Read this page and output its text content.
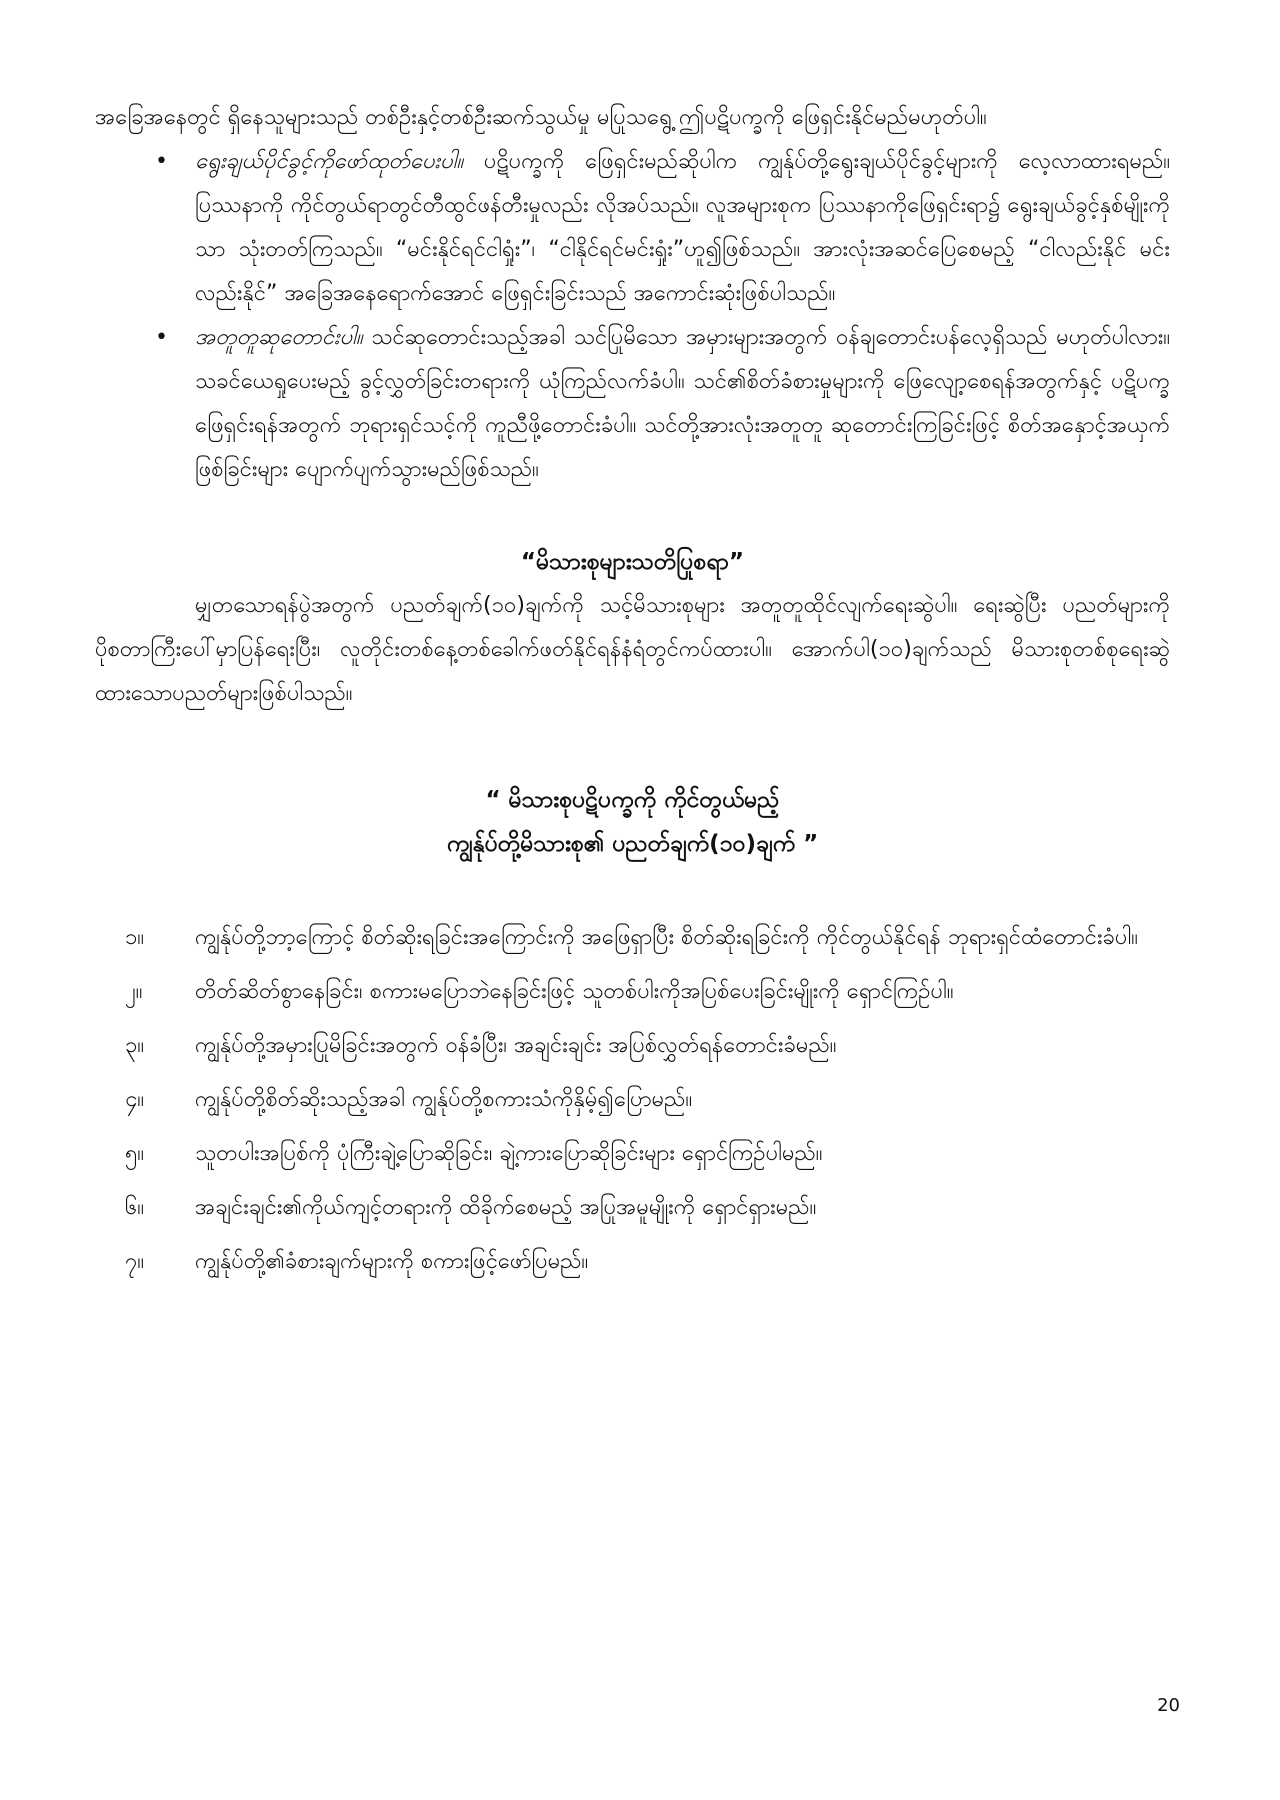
အခြေအနေတွင် ရှိနေသူများသည် တစ်ဦးနှင့်တစ်ဦးဆက်သွယ်မှု မပြုသရွေ့ ဤပဋိပက္ခကို ဖြေရှင်းနိုင်မည်မဟုတ်ပါ။

• ရွေးချယ်ပိုင်ခွင့်ကိုဖော်ထုတ်ပေးပါ။ ပဋိပက္ခကို ဖြေရှင်းမည်ဆိုပါက ကျွန်ုပ်တို့ရွေးချယ်ပိုင်ခွင့်များကို လေ့လာထားရမည်။ ပြဿနာကို ကိုင်တွယ်ရာတွင်တီထွင်ဖန်တီးမှုလည်း လိုအပ်သည်။ လူအများစုက ပြဿနာကိုဖြေရှင်းရာ၌ ရွေးချယ်ခွင့်နှစ်မျိုးကိုသာ သုံးတတ်ကြသည်။ “မင်းနိုင်ရင်ငါရှုံး”၊ “ငါနိုင်ရင်မင်းရှုံး”ဟူ၍ဖြစ်သည်။ အားလုံးအဆင်ပြေစေမည့် “ငါလည်းနိုင် မင်းလည်းနိုင်” အခြေအနေရောက်အောင် ဖြေရှင်းခြင်းသည် အကောင်းဆုံးဖြစ်ပါသည်။
• အတူတူဆုတောင်းပါ။ သင်ဆုတောင်းသည့်အခါ သင်ပြုမိသော အမှားများအတွက် ဝန်ချတောင်းပန်လေ့ရှိသည် မဟုတ်ပါလား။ သခင်ယေရှုပေးမည့် ခွင့်လွှတ်ခြင်းတရားကို ယုံကြည်လက်ခံပါ။ သင်၏စိတ်ခံစားမှုများကို ဖြေလျော့စေရန်အတွက်နှင့် ပဋိပက္ခဖြေရှင်းရန်အတွက် ဘုရားရှင်သင့်ကို ကူညီဖို့တောင်းခံပါ။ သင်တို့အားလုံးအတူတူ ဆုတောင်းကြခြင်းဖြင့် စိတ်အနှောင့်အယှက်ဖြစ်ခြင်းများ ပျောက်ပျက်သွားမည်ဖြစ်သည်။

“မိသားစုများသတိပြုစရာ”

မျှတသောရန်ပွဲအတွက် ပညတ်ချက်(၁၀)ချက်ကို သင့်မိသားစုများ အတူတူထိုင်လျက်ရေးဆွဲပါ။ ရေးဆွဲပြီး ပညတ်များကို ပိုစတာကြီးပေါ်မှာပြန်ရေးပြီး၊ လူတိုင်းတစ်နေ့တစ်ခေါက်ဖတ်နိုင်ရန်နံရံတွင်ကပ်ထားပါ။ အောက်ပါ(၁၀)ချက်သည် မိသားစုတစ်စုရေးဆွဲ ထားသောပညတ်များဖြစ်ပါသည်။

“ မိသားစုပဋိပက္ခကို ကိုင်တွယ်မည့်
ကျွန်ုပ်တို့မိသားစု၏ ပညတ်ချက်(၁၀)ချက် ”
၁။ ကျွန်ုပ်တို့ဘာ့ကြောင့် စိတ်ဆိုးရခြင်းအကြောင်းကို အဖြေရှာပြီး စိတ်ဆိုးရခြင်းကို ကိုင်တွယ်နိုင်ရန် ဘုရားရှင်ထံတောင်းခံပါ။
၂။ တိတ်ဆိတ်စွာနေခြင်း၊ စကားမပြောဘဲနေခြင်းဖြင့် သူတစ်ပါးကိုအပြစ်ပေးခြင်းမျိုးကို ရှောင်ကြဉ်ပါ။
၃။ ကျွန်ုပ်တို့အမှားပြုမိခြင်းအတွက် ဝန်ခံပြီး၊ အချင်းချင်း အပြစ်လွှတ်ရန်တောင်းခံမည်။
၄။ ကျွန်ုပ်တို့စိတ်ဆိုးသည့်အခါ ကျွန်ုပ်တို့စကားသံကိုနှိမ့်၍ပြောမည်။
၅။ သူတပါးအပြစ်ကို ပုံကြီးချဲ့ပြောဆိုခြင်း၊ ချဲ့ကားပြောဆိုခြင်းများ ရှောင်ကြဉ်ပါမည်။
၆။ အချင်းချင်း၏ကိုယ်ကျင့်တရားကို ထိခိုက်စေမည့် အပြုအမူမျိုးကို ရှောင်ရှားမည်။
၇။ ကျွန်ုပ်တို့၏ခံစားချက်များကို စကားဖြင့်ဖော်ပြမည်။
20
